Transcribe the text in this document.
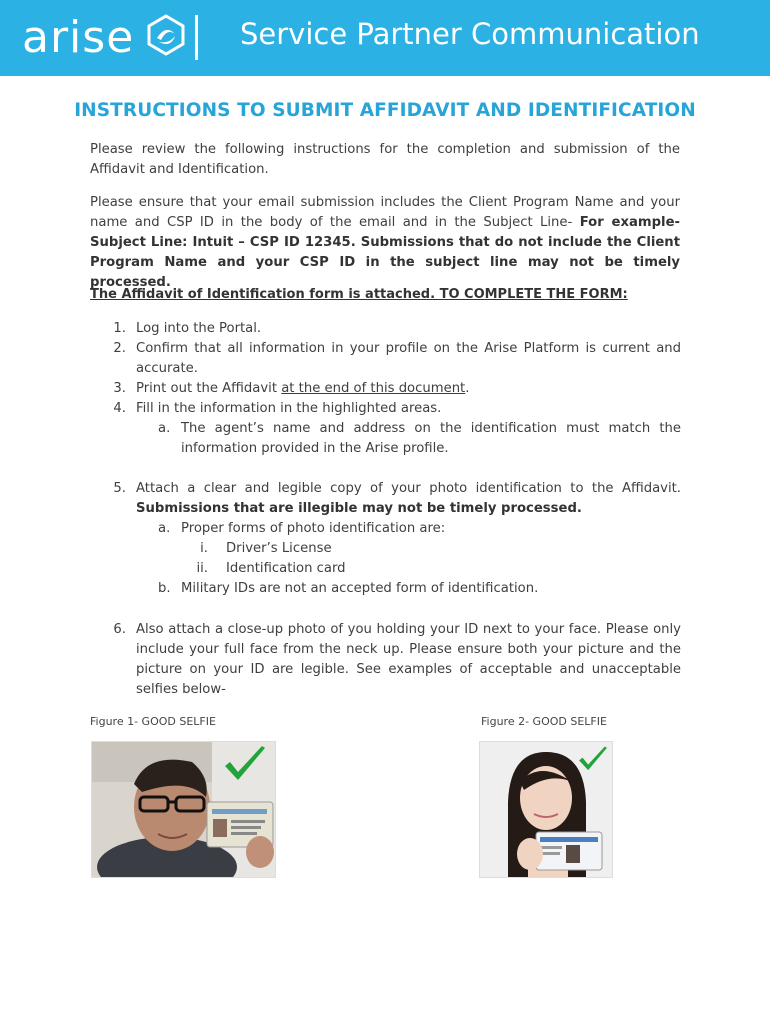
arise	Service Partner Communication
INSTRUCTIONS TO SUBMIT AFFIDAVIT AND IDENTIFICATION
Please review the following instructions for the completion and submission of the Affidavit and Identification.
Please ensure that your email submission includes the Client Program Name and your name and CSP ID in the body of the email and in the Subject Line- For example- Subject Line: Intuit – CSP ID 12345. Submissions that do not include the Client Program Name and your CSP ID in the subject line may not be timely processed.
The Affidavit of Identification form is attached. TO COMPLETE THE FORM:
1. Log into the Portal.
2. Confirm that all information in your profile on the Arise Platform is current and accurate.
3. Print out the Affidavit at the end of this document.
4. Fill in the information in the highlighted areas.
a. The agent’s name and address on the identification must match the information provided in the Arise profile.
5. Attach a clear and legible copy of your photo identification to the Affidavit. Submissions that are illegible may not be timely processed.
a. Proper forms of photo identification are:
i. Driver’s License
ii. Identification card
b. Military IDs are not an accepted form of identification.
6. Also attach a close-up photo of you holding your ID next to your face. Please only include your full face from the neck up. Please ensure both your picture and the picture on your ID are legible. See examples of acceptable and unacceptable selfies below-
Figure 1- GOOD SELFIE	Figure 2- GOOD SELFIE
